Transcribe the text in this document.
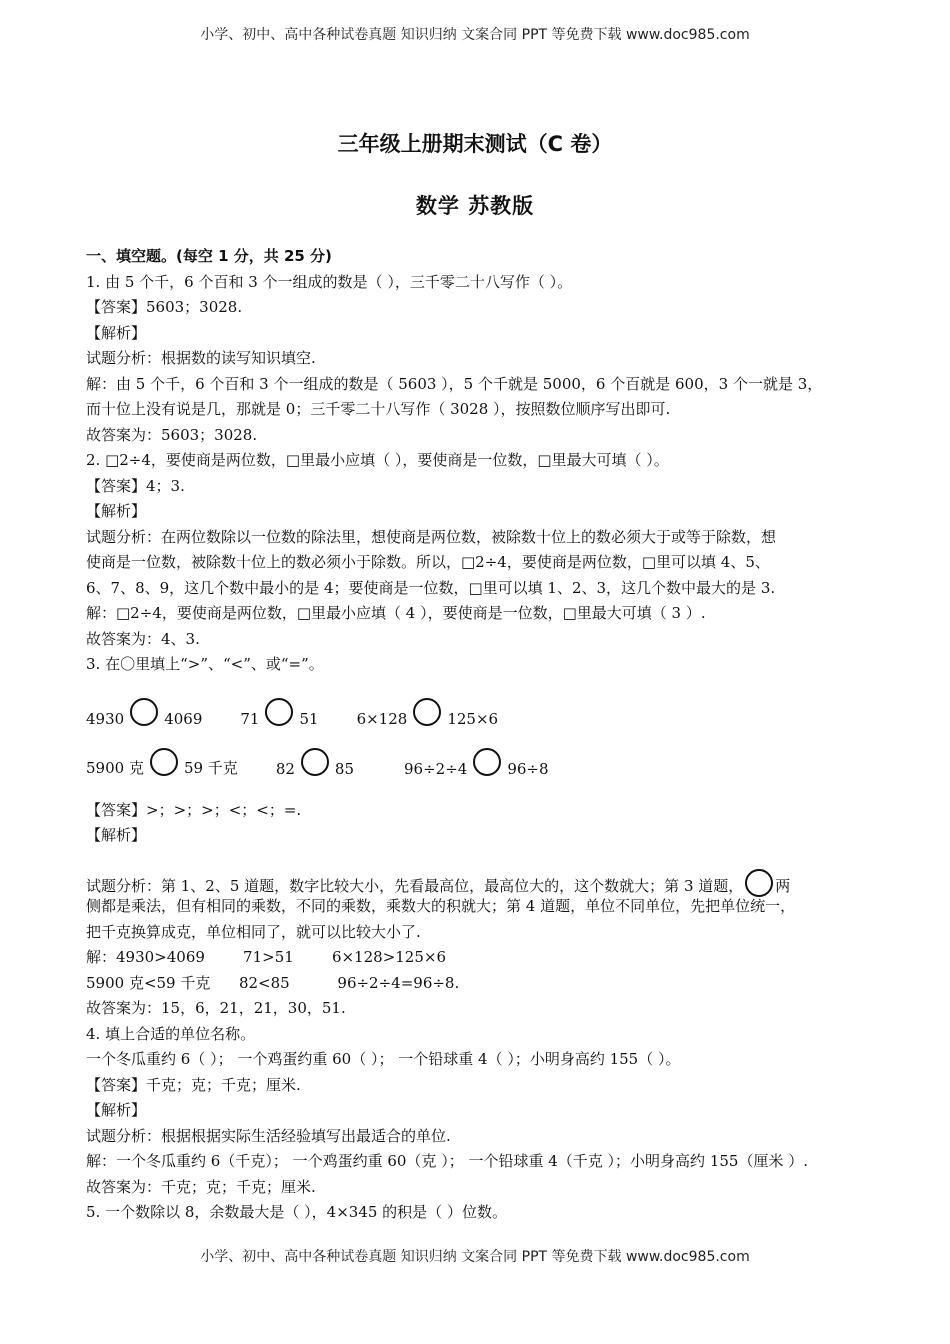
小学、初中、高中各种试卷真题 知识归纳 文案合同 PPT 等免费下载 www.doc985.com
三年级上册期末测试（C 卷）
数学 苏教版
一、填空题。(每空 1 分，共 25 分)
1. 由 5 个千，6 个百和 3 个一组成的数是（ ），三千零二十八写作（ ）。
【答案】5603；3028.
【解析】
试题分析：根据数的读写知识填空.
解：由 5 个千，6 个百和 3 个一组成的数是（ 5603 ），5 个千就是 5000，6 个百就是 600，3 个一就是 3，
而十位上没有说是几，那就是 0；三千零二十八写作（ 3028 ），按照数位顺序写出即可.
故答案为：5603；3028.
2. □2÷4，要使商是两位数，□里最小应填（ ），要使商是一位数，□里最大可填（ ）。
【答案】4；3.
【解析】
试题分析：在两位数除以一位数的除法里，想使商是两位数，被除数十位上的数必须大于或等于除数，想
使商是一位数，被除数十位上的数必须小于除数。所以，□2÷4，要使商是两位数，□里可以填 4、5、
6、7、8、9，这几个数中最小的是 4；要使商是一位数，□里可以填 1、2、3，这几个数中最大的是 3.
解：□2÷4，要使商是两位数，□里最小应填（ 4 ），要使商是一位数，□里最大可填（ 3 ）.
故答案为：4、3.
3. 在〇里填上“>”、“<”、或“=”。
4930	4069	71	51	6×128	125×6
5900 克	59 千克	82	85	96÷2÷4	96÷8
【答案】>；>；>；<；<；=.
【解析】
试题分析：第 1、2、5 道题，数字比较大小，先看最高位，最高位大的，这个数就大；第 3 道题， 两
侧都是乘法，但有相同的乘数，不同的乘数，乘数大的积就大；第 4 道题，单位不同单位，先把单位统一，
把千克换算成克，单位相同了，就可以比较大小了.
解：4930>4069        71>51        6×128>125×6
5900 克<59 千克      82<85          96÷2÷4=96÷8.
故答案为：15，6，21，21，30，51.
4. 填上合适的单位名称。
一个冬瓜重约 6（ ）； 一个鸡蛋约重 60（ ）； 一个铅球重 4（ ）；小明身高约 155（ ）。
【答案】千克；克；千克；厘米.
【解析】
试题分析：根据根据实际生活经验填写出最适合的单位.
解：一个冬瓜重约 6（千克）； 一个鸡蛋约重 60（克 ）； 一个铅球重 4（千克 ）；小明身高约 155（厘米 ）.
故答案为：千克；克；千克；厘米.
5. 一个数除以 8，余数最大是（ ），4×345 的积是（ ）位数。
小学、初中、高中各种试卷真题 知识归纳 文案合同 PPT 等免费下载 www.doc985.com
